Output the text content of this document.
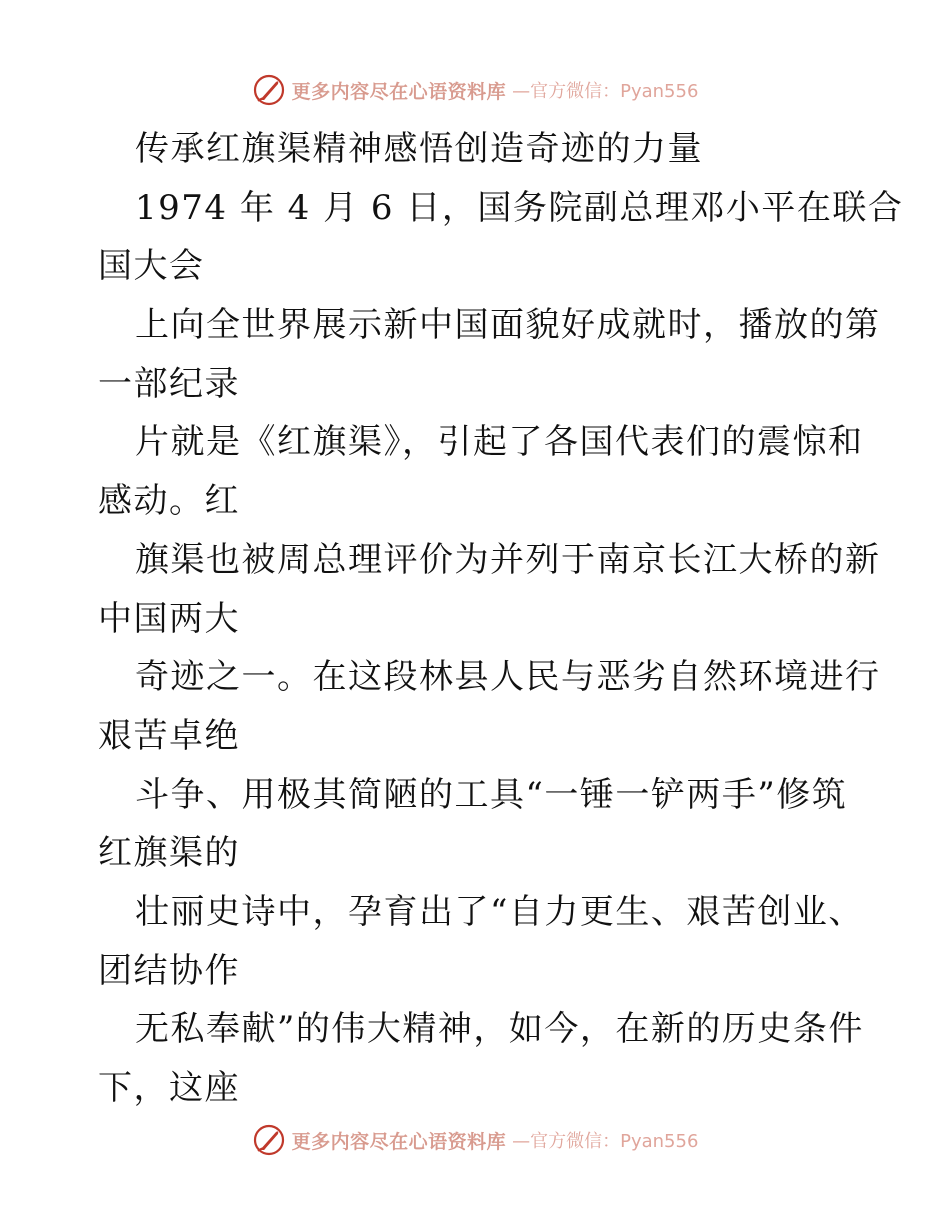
更多内容尽在心语资料库 —官方微信：Pyan556
传承红旗渠精神感悟创造奇迹的力量
1974 年 4 月 6 日，国务院副总理邓小平在联合
国大会
上向全世界展示新中国面貌好成就时，播放的第
一部纪录
片就是《红旗渠》，引起了各国代表们的震惊和
感动。红
旗渠也被周总理评价为并列于南京长江大桥的新
中国两大
奇迹之一。在这段林县人民与恶劣自然环境进行
艰苦卓绝
斗争、用极其简陋的工具“一锤一铲两手”修筑
红旗渠的
壮丽史诗中，孕育出了“自力更生、艰苦创业、
团结协作
无私奉献”的伟大精神，如今，在新的历史条件
下，这座
更多内容尽在心语资料库 —官方微信：Pyan556
